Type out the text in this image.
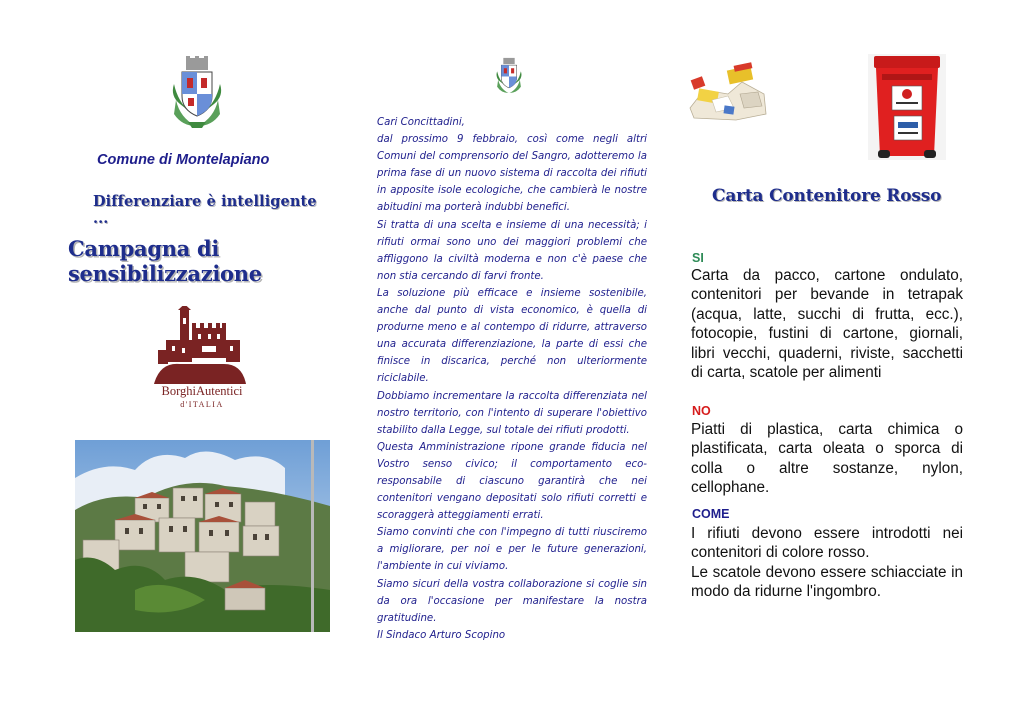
Comune di Montelapiano
Differenziare è intelligente ...
Campagna di sensibilizzazione
BorghiAutentici
d'ITALIA

Cari Concittadini,

dal prossimo 9 febbraio, così come negli altri Comuni del comprensorio del Sangro, adotteremo la prima fase di un nuovo sistema di raccolta dei rifiuti in apposite isole ecologiche, che cambierà le nostre abitudini ma porterà indubbi benefici.

Si tratta di una scelta e insieme di una necessità; i rifiuti ormai sono uno dei maggiori problemi che affliggono la civiltà moderna e non c'è paese che non stia cercando di farvi fronte.

La soluzione più efficace e insieme sostenibile, anche dal punto di vista economico, è quella di produrne meno e al contempo di ridurre, attraverso una accurata differenziazione, la parte di essi che finisce in discarica, perché non ulteriormente riciclabile.

Dobbiamo incrementare la raccolta differenziata nel nostro territorio, con l'intento di superare l'obiettivo stabilito dalla Legge, sul totale dei rifiuti prodotti.

Questa Amministrazione ripone grande fiducia nel Vostro senso civico; il comportamento eco-responsabile di ciascuno garantirà che nei contenitori vengano depositati solo rifiuti corretti e scoraggerà atteggiamenti errati.

Siamo convinti che con l'impegno di tutti riusciremo a migliorare, per noi e per le future generazioni, l'ambiente in cui viviamo.

Siamo sicuri della vostra collaborazione si coglie sin da ora l'occasione per manifestare la nostra gratitudine.

Il Sindaco Arturo Scopino

Carta Contenitore Rosso
SI

Carta da pacco, cartone ondulato, contenitori per bevande in tetrapak (acqua, latte, succhi di frutta, ecc.), fotocopie, fustini di cartone, giornali, libri vecchi, quaderni, riviste, sacchetti di carta, scatole per alimenti

NO

Piatti di plastica, carta chimica o plastificata, carta oleata o sporca di colla o altre sostanze, nylon, cellophane.

COME

I rifiuti devono essere introdotti nei contenitori di colore rosso.

Le scatole devono essere schiacciate in modo da ridurne l'ingombro.
